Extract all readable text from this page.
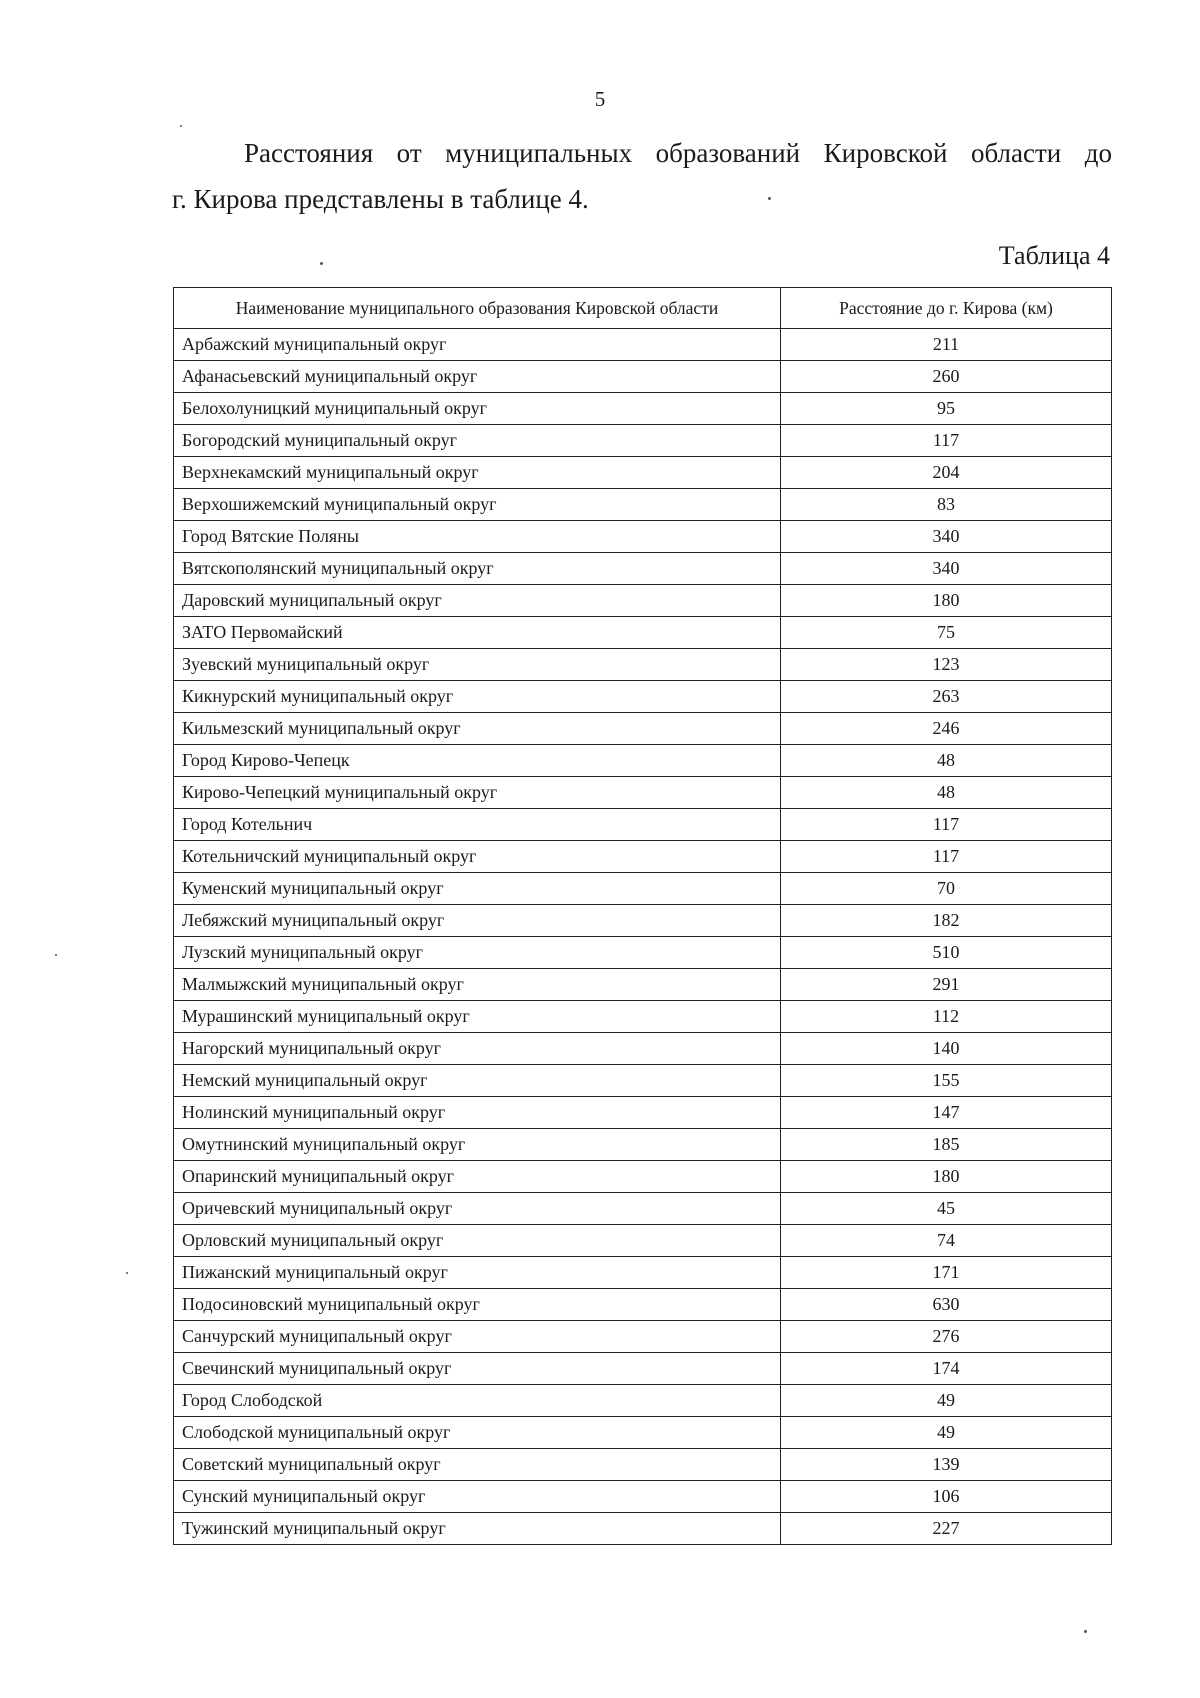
5
Расстояния от муниципальных образований Кировской области до
г. Кирова представлены в таблице 4.
Таблица 4
Наименование муниципального образования Кировской области	Расстояние до г. Кирова (км)
Арбажский муниципальный округ	211
Афанасьевский муниципальный округ	260
Белохолуницкий муниципальный округ	95
Богородский муниципальный округ	117
Верхнекамский муниципальный округ	204
Верхошижемский муниципальный округ	83
Город Вятские Поляны	340
Вятскополянский муниципальный округ	340
Даровский муниципальный округ	180
ЗАТО Первомайский	75
Зуевский муниципальный округ	123
Кикнурский муниципальный округ	263
Кильмезский муниципальный округ	246
Город Кирово-Чепецк	48
Кирово-Чепецкий муниципальный округ	48
Город Котельнич	117
Котельничский муниципальный округ	117
Куменский муниципальный округ	70
Лебяжский муниципальный округ	182
Лузский муниципальный округ	510
Малмыжский муниципальный округ	291
Мурашинский муниципальный округ	112
Нагорский муниципальный округ	140
Немский муниципальный округ	155
Нолинский муниципальный округ	147
Омутнинский муниципальный округ	185
Опаринский муниципальный округ	180
Оричевский муниципальный округ	45
Орловский муниципальный округ	74
Пижанский муниципальный округ	171
Подосиновский муниципальный округ	630
Санчурский муниципальный округ	276
Свечинский муниципальный округ	174
Город Слободской	49
Слободской муниципальный округ	49
Советский муниципальный округ	139
Сунский муниципальный округ	106
Тужинский муниципальный округ	227
